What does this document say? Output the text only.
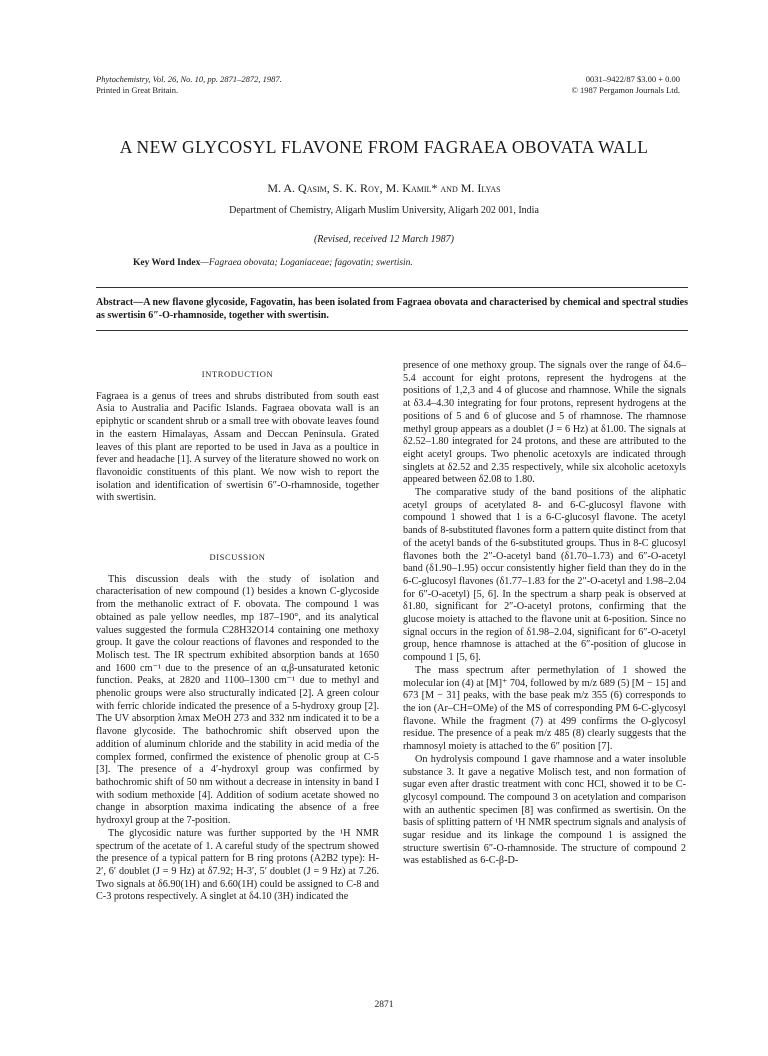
Phytochemistry, Vol. 26, No. 10, pp. 2871–2872, 1987.
Printed in Great Britain.
0031–9422/87 $3.00 + 0.00
© 1987 Pergamon Journals Ltd.
A NEW GLYCOSYL FLAVONE FROM FAGRAEA OBOVATA WALL
M. A. Qasim, S. K. Roy, M. Kamil* and M. Ilyas
Department of Chemistry, Aligarh Muslim University, Aligarh 202 001, India
(Revised, received 12 March 1987)
Key Word Index—Fagraea obovata; Loganiaceae; fagovatin; swertisin.
Abstract—A new flavone glycoside, Fagovatin, has been isolated from Fagraea obovata and characterised by chemical and spectral studies as swertisin 6″-O-rhamnoside, together with swertisin.
INTRODUCTION

Fagraea is a genus of trees and shrubs distributed from south east Asia to Australia and Pacific Islands. Fagraea obovata wall is an epiphytic or scandent shrub or a small tree with obovate leaves found in the eastern Himalayas, Assam and Deccan Peninsula. Grated leaves of this plant are reported to be used in Java as a poultice in fever and headache [1]. A survey of the literature showed no work on flavonoidic constituents of this plant. We now wish to report the isolation and identification of swertisin 6″-O-rhamnoside, together with swertisin.

DISCUSSION

This discussion deals with the study of isolation and characterisation of new compound (1) besides a known C-glycoside from the methanolic extract of F. obovata. The compound 1 was obtained as pale yellow needles, mp 187–190°, and its analytical values suggested the formula C28H32O14 containing one methoxy group. It gave the colour reactions of flavones and responded to the Molisch test. The IR spectrum exhibited absorption bands at 1650 and 1600 cm⁻¹ due to the presence of an α,β-unsaturated ketonic function. Peaks, at 2820 and 1100–1300 cm⁻¹ due to methyl and phenolic groups were also structurally indicated [2]. A green colour with ferric chloride indicated the presence of a 5-hydroxy group [2]. The UV absorption λmax MeOH 273 and 332 nm indicated it to be a flavone glycoside. The bathochromic shift observed upon the addition of aluminum chloride and the stability in acid media of the complex formed, confirmed the existence of phenolic group at C-5 [3]. The presence of a 4′-hydroxyl group was confirmed by bathochromic shift of 50 nm without a decrease in intensity in band I with sodium methoxide [4]. Addition of sodium acetate showed no change in absorption maxima indicating the absence of a free hydroxyl group at the 7-position.

The glycosidic nature was further supported by the ¹H NMR spectrum of the acetate of 1. A careful study of the spectrum showed the presence of a typical pattern for B ring protons (A2B2 type): H-2′, 6′ doublet (J = 9 Hz) at δ7.92; H-3′, 5′ doublet (J = 9 Hz) at 7.26. Two signals at δ6.90(1H) and 6.60(1H) could be assigned to C-8 and C-3 protons respectively. A singlet at δ4.10 (3H) indicated the

presence of one methoxy group. The signals over the range of δ4.6–5.4 account for eight protons, represent the hydrogens at the positions of 1,2,3 and 4 of glucose and rhamnose. While the signals at δ3.4–4.30 integrating for four protons, represent hydrogens at the positions of 5 and 6 of glucose and 5 of rhamnose. The rhamnose methyl group appears as a doublet (J = 6 Hz) at δ1.00. The signals at δ2.52–1.80 integrated for 24 protons, and these are attributed to the eight acetyl groups. Two phenolic acetoxyls are indicated through singlets at δ2.52 and 2.35 respectively, while six alcoholic acetoxyls appeared between δ2.08 to 1.80.

The comparative study of the band positions of the aliphatic acetyl groups of acetylated 8- and 6-C-glucosyl flavone with compound 1 showed that 1 is a 6-C-glucosyl flavone. The acetyl bands of 8-substituted flavones form a pattern quite distinct from that of the acetyl bands of the 6-substituted groups. Thus in 8-C glucosyl flavones both the 2″-O-acetyl band (δ1.70–1.73) and 6″-O-acetyl band (δ1.90–1.95) occur consistently higher field than they do in the 6-C-glucosyl flavones (δ1.77–1.83 for the 2″-O-acetyl and 1.98–2.04 for 6″-O-acetyl) [5, 6]. In the spectrum a sharp peak is observed at δ1.80, significant for 2″-O-acetyl protons, confirming that the glucose moiety is attached to the flavone unit at 6-position. Since no signal occurs in the region of δ1.98–2.04, significant for 6″-O-acetyl group, hence rhamnose is attached at the 6″-position of glucose in compound 1 [5, 6].

The mass spectrum after permethylation of 1 showed the molecular ion (4) at [M]⁺ 704, followed by m/z 689 (5) [M − 15] and 673 [M − 31] peaks, with the base peak m/z 355 (6) corresponds to the ion (Ar–CH=OMe) of the MS of corresponding PM 6-C-glycosyl flavone. While the fragment (7) at 499 confirms the O-glycosyl residue. The presence of a peak m/z 485 (8) clearly suggests that the rhamnosyl moiety is attached to the 6″ position [7].

On hydrolysis compound 1 gave rhamnose and a water insoluble substance 3. It gave a negative Molisch test, and non formation of sugar even after drastic treatment with conc HCl, showed it to be C-glycosyl compound. The compound 3 on acetylation and comparison with an authentic specimen [8] was confirmed as swertisin. On the basis of splitting pattern of ¹H NMR spectrum signals and analysis of sugar residue and its linkage the compound 1 is assigned the structure swertisin 6″-O-rhamnoside. The structure of compound 2 was established as 6-C-β-D-

2871
